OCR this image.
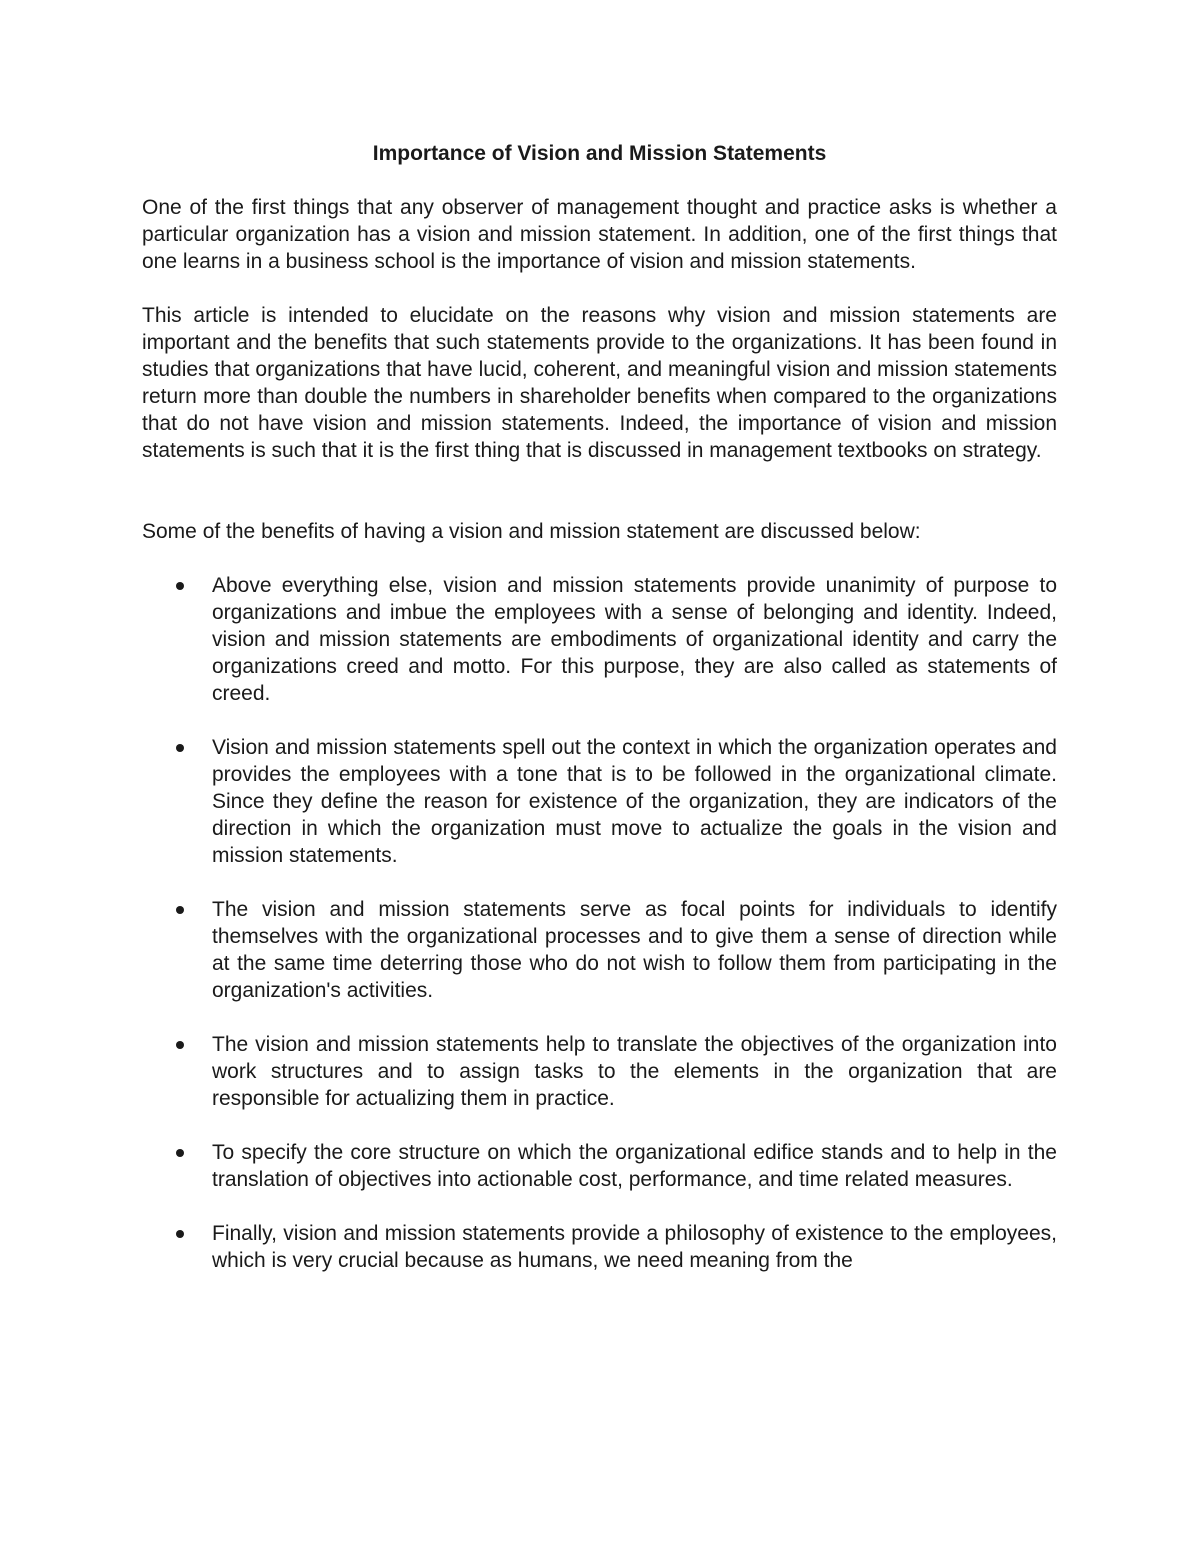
Importance of Vision and Mission Statements

One of the first things that any observer of management thought and practice asks is whether a particular organization has a vision and mission statement. In addition, one of the first things that one learns in a business school is the importance of vision and mission statements.

This article is intended to elucidate on the reasons why vision and mission statements are important and the benefits that such statements provide to the organizations. It has been found in studies that organizations that have lucid, coherent, and meaningful vision and mission statements return more than double the numbers in shareholder benefits when compared to the organizations that do not have vision and mission statements. Indeed, the importance of vision and mission statements is such that it is the first thing that is discussed in management textbooks on strategy.

Some of the benefits of having a vision and mission statement are discussed below:

Above everything else, vision and mission statements provide unanimity of purpose to organizations and imbue the employees with a sense of belonging and identity. Indeed, vision and mission statements are embodiments of organizational identity and carry the organizations creed and motto. For this purpose, they are also called as statements of creed.
Vision and mission statements spell out the context in which the organization operates and provides the employees with a tone that is to be followed in the organizational climate. Since they define the reason for existence of the organization, they are indicators of the direction in which the organization must move to actualize the goals in the vision and mission statements.
The vision and mission statements serve as focal points for individuals to identify themselves with the organizational processes and to give them a sense of direction while at the same time deterring those who do not wish to follow them from participating in the organization's activities.
The vision and mission statements help to translate the objectives of the organization into work structures and to assign tasks to the elements in the organization that are responsible for actualizing them in practice.
To specify the core structure on which the organizational edifice stands and to help in the translation of objectives into actionable cost, performance, and time related measures.
Finally, vision and mission statements provide a philosophy of existence to the employees, which is very crucial because as humans, we need meaning from the
